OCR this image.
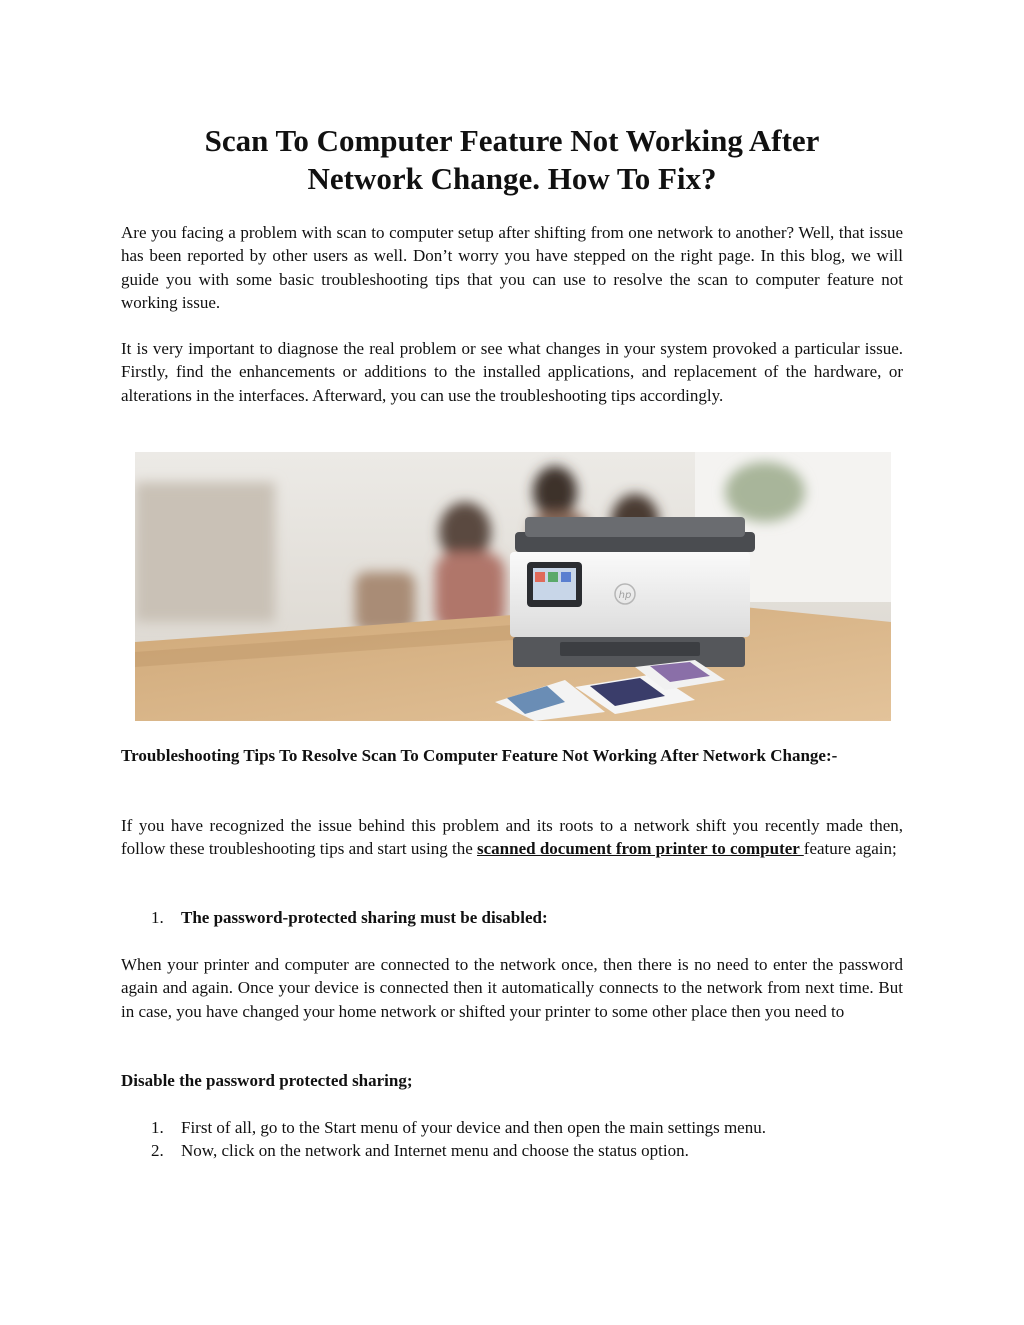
Scan To Computer Feature Not Working After
Network Change. How To Fix?

Are you facing a problem with scan to computer setup after shifting from one network to another? Well, that issue has been reported by other users as well. Don’t worry you have stepped on the right page. In this blog, we will guide you with some basic troubleshooting tips that you can use to resolve the scan to computer feature not working issue.

It is very important to diagnose the real problem or see what changes in your system provoked a particular issue. Firstly, find the enhancements or additions to the installed applications, and replacement of the hardware, or alterations in the interfaces. Afterward, you can use the troubleshooting tips accordingly.

hp

Troubleshooting Tips To Resolve Scan To Computer Feature Not Working After Network Change:-

If you have recognized the issue behind this problem and its roots to a network shift you recently made then, follow these troubleshooting tips and start using the scanned document from printer to computer feature again;

1.	The password-protected sharing must be disabled:

When your printer and computer are connected to the network once, then there is no need to enter the password again and again. Once your device is connected then it automatically connects to the network from next time. But in case, you have changed your home network or shifted your printer to some other place then you need to

Disable the password protected sharing;

1.	First of all, go to the Start menu of your device and then open the main settings menu.
2.	Now, click on the network and Internet menu and choose the status option.
